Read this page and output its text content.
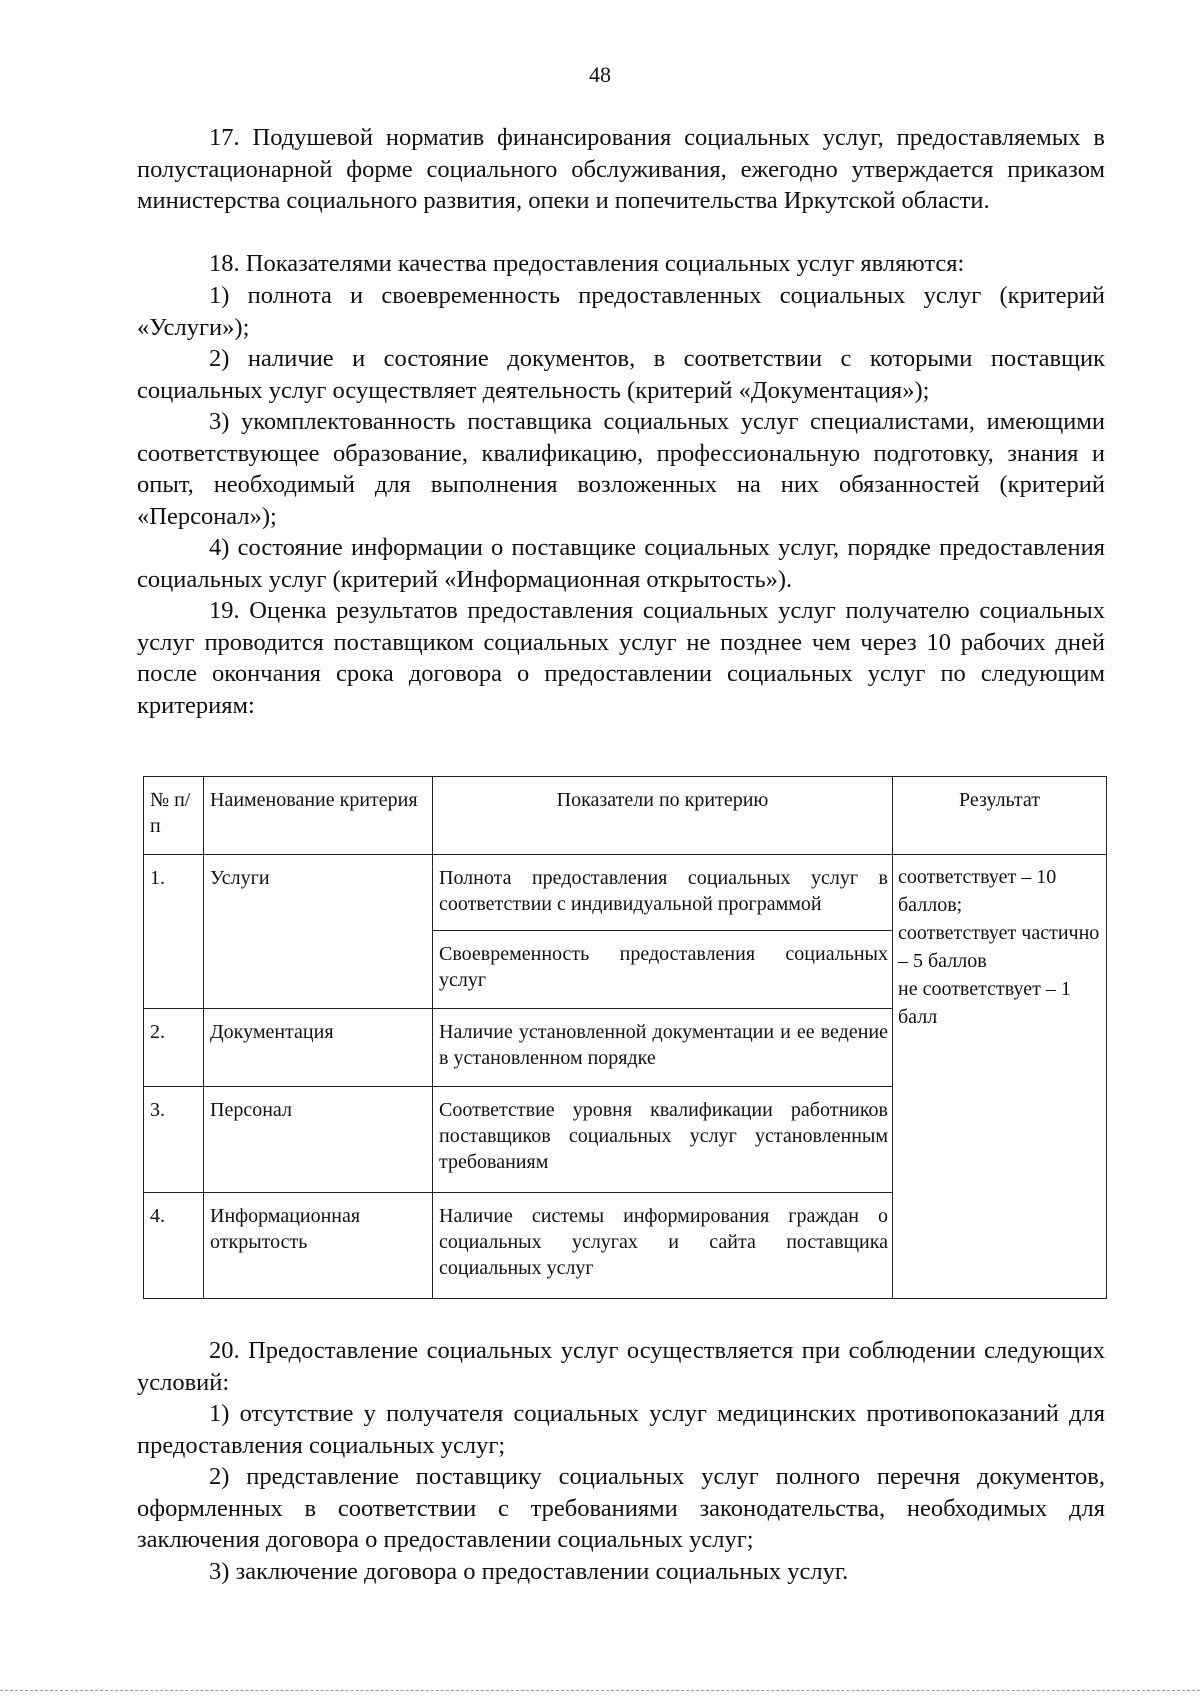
48

17. Подушевой норматив финансирования социальных услуг, предоставляемых в полустационарной форме социального обслуживания, ежегодно утверждается приказом министерства социального развития, опеки и попечительства Иркутской области.

18. Показателями качества предоставления социальных услуг являются:

1) полнота и своевременность предоставленных социальных услуг (критерий «Услуги»);

2) наличие и состояние документов, в соответствии с которыми поставщик социальных услуг осуществляет деятельность (критерий «Документация»);

3) укомплектованность поставщика социальных услуг специалистами, имеющими соответствующее образование, квалификацию, профессиональную подготовку, знания и опыт, необходимый для выполнения возложенных на них обязанностей (критерий «Персонал»);

4) состояние информации о поставщике социальных услуг, порядке предоставления социальных услуг (критерий «Информационная открытость»).

19. Оценка результатов предоставления социальных услуг получателю социальных услуг проводится поставщиком социальных услуг не позднее чем через 10 рабочих дней после окончания срока договора о предоставлении социальных услуг по следующим критериям:

№ п/п	Наименование критерия	Показатели по критерию	Результат
1.	Услуги	Полнота предоставления социальных услуг в соответствии с индивидуальной программой	соответствует – 10 баллов;
соответствует частично – 5 баллов
не соответствует – 1 балл

		Своевременность предоставления социальных услуг	
2.	Документация	Наличие установленной документации и ее ведение в установленном порядке	
3.	Персонал	Соответствие уровня квалификации работников поставщиков социальных услуг установленным требованиям	
4.	Информационная открытость	Наличие системы информирования граждан о социальных услугах и сайта поставщика социальных услуг	

20. Предоставление социальных услуг осуществляется при соблюдении следующих условий:

1) отсутствие у получателя социальных услуг медицинских противопоказаний для предоставления социальных услуг;

2) представление поставщику социальных услуг полного перечня документов, оформленных в соответствии с требованиями законодательства, необходимых для заключения договора о предоставлении социальных услуг;

3) заключение договора о предоставлении социальных услуг.
